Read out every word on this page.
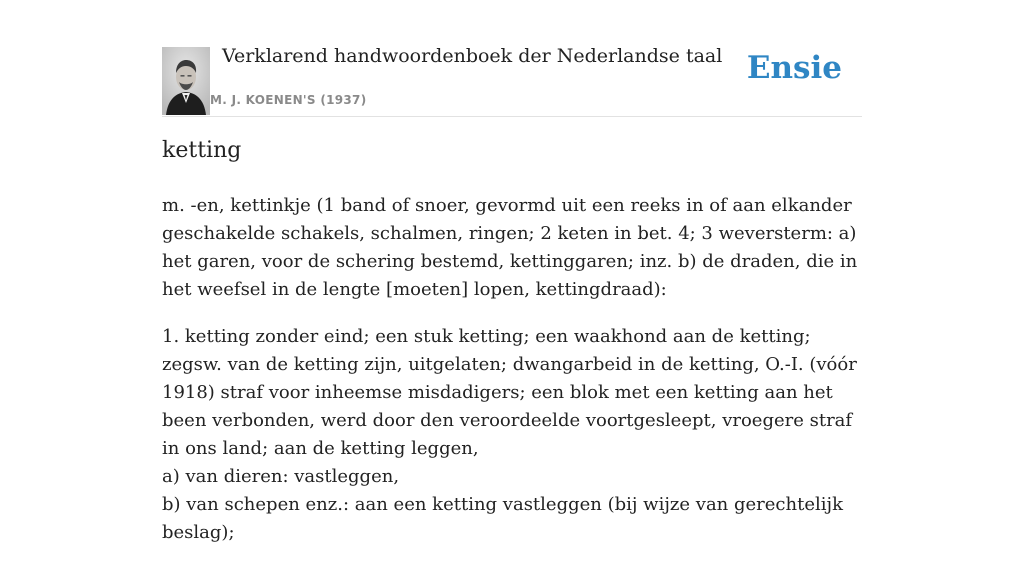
Verklarend handwoordenboek der Nederlandse taal
M. J. KOENEN'S (1937)
Ensie
ketting

m. -en, kettinkje (1 band of snoer, gevormd uit een reeks in of aan elkander geschakelde schakels, schalmen, ringen; 2 keten in bet. 4; 3 weversterm: a) het garen, voor de schering bestemd, kettinggaren; inz. b) de draden, die in het weefsel in de lengte [moeten] lopen, kettingdraad):

1. ketting zonder eind; een stuk ketting; een waakhond aan de ketting; zegsw. van de ketting zijn, uitgelaten; dwangarbeid in de ketting, O.-I. (vóór 1918) straf voor inheemse misdadigers; een blok met een ketting aan het been verbonden, werd door den veroordeelde voortgesleept, vroegere straf in ons land; aan de ketting leggen,
a) van dieren: vastleggen,
b) van schepen enz.: aan een ketting vastleggen (bij wijze van gerechtelijk beslag);
